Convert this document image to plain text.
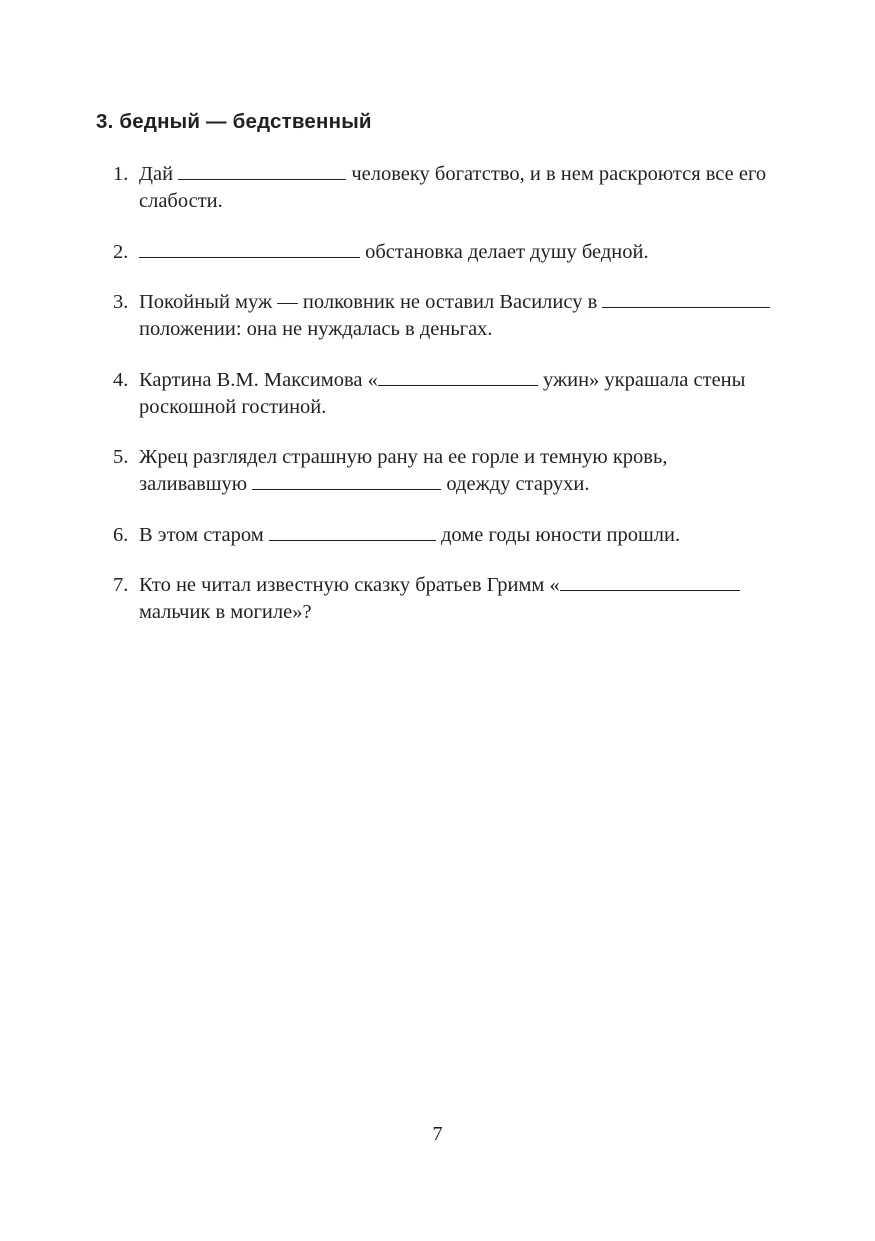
3. бедный — бедственный
1. Дай	человеку богатство, и в нем раскроются все его слабости.
2.	обстановка делает душу бедной.
3. Покойный муж — полковник не оставил Василису в  положении: она не нуждалась в деньгах.
4. Картина В.М. Максимова «	ужин» украшала стены роскошной гостиной.
5. Жрец разглядел страшную рану на ее горле и темную кровь, заливавшую	одежду старухи.
6. В этом старом	доме годы юности прошли.
7. Кто не читал известную сказку братьев Гримм « мальчик в могиле»?
7
